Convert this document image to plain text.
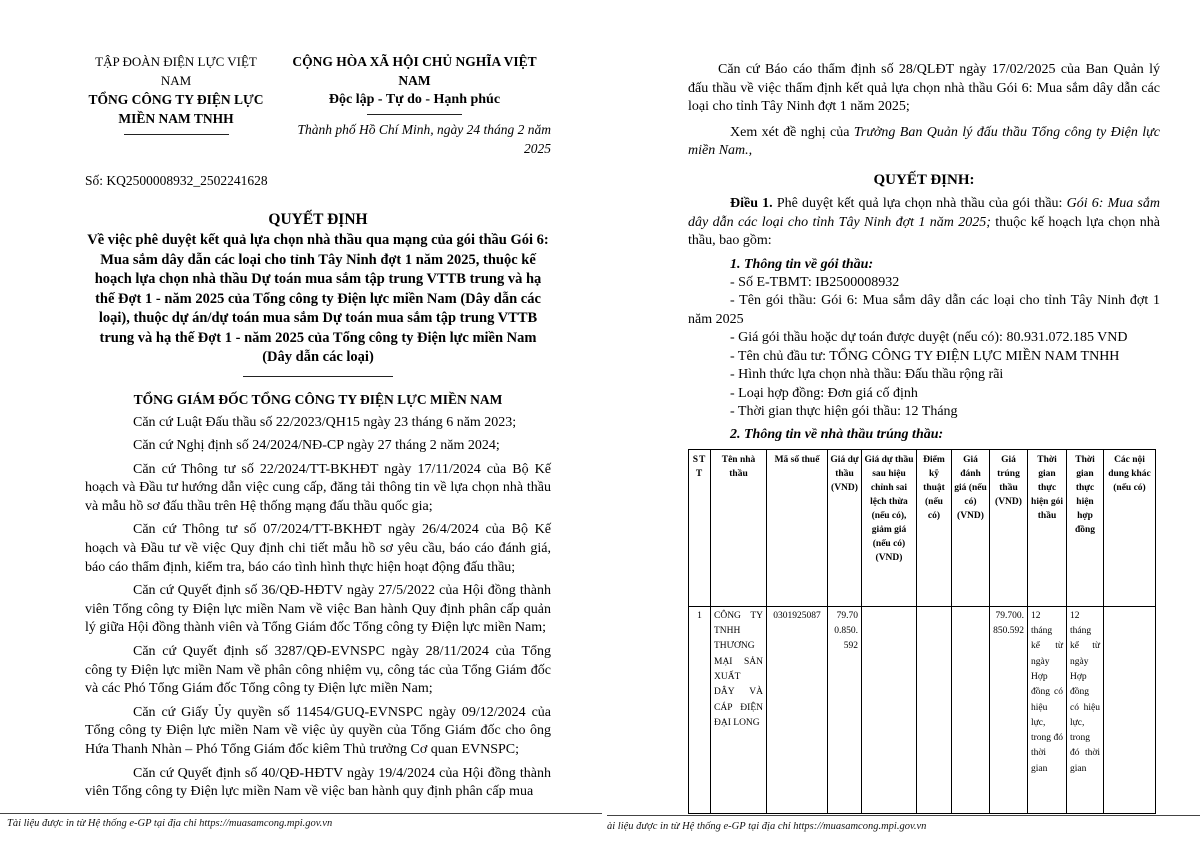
TẬP ĐOÀN ĐIỆN LỰC VIỆT NAM
TỔNG CÔNG TY ĐIỆN LỰC MIỀN NAM TNHH
CỘNG HÒA XÃ HỘI CHỦ NGHĨA VIỆT NAM
Độc lập - Tự do - Hạnh phúc
Thành phố Hồ Chí Minh, ngày 24 tháng 2 năm 2025
Số: KQ2500008932_2502241628
QUYẾT ĐỊNH
Về việc phê duyệt kết quả lựa chọn nhà thầu qua mạng của gói thầu Gói 6: Mua sắm dây dẫn các loại cho tỉnh Tây Ninh đợt 1 năm 2025, thuộc kế hoạch lựa chọn nhà thầu Dự toán mua sắm tập trung VTTB trung và hạ thế Đợt 1 - năm 2025 của Tổng công ty Điện lực miền Nam (Dây dẫn các loại), thuộc dự án/dự toán mua sắm Dự toán mua sắm tập trung VTTB trung và hạ thế Đợt 1 - năm 2025 của Tổng công ty Điện lực miền Nam (Dây dẫn các loại)
TỔNG GIÁM ĐỐC TỔNG CÔNG TY ĐIỆN LỰC MIỀN NAM

Căn cứ Luật Đấu thầu số 22/2023/QH15 ngày 23 tháng 6 năm 2023;

Căn cứ Nghị định số 24/2024/NĐ-CP ngày 27 tháng 2 năm 2024;

Căn cứ Thông tư số 22/2024/TT-BKHĐT ngày 17/11/2024 của Bộ Kế hoạch và Đầu tư hướng dẫn việc cung cấp, đăng tải thông tin về lựa chọn nhà thầu và mẫu hồ sơ đấu thầu trên Hệ thống mạng đấu thầu quốc gia;

Căn cứ Thông tư số 07/2024/TT-BKHĐT ngày 26/4/2024 của Bộ Kế hoạch và Đầu tư về việc Quy định chi tiết mẫu hồ sơ yêu cầu, báo cáo đánh giá, báo cáo thẩm định, kiểm tra, báo cáo tình hình thực hiện hoạt động đấu thầu;

Căn cứ Quyết định số 36/QĐ-HĐTV ngày 27/5/2022 của Hội đồng thành viên Tổng công ty Điện lực miền Nam về việc Ban hành Quy định phân cấp quản lý giữa Hội đồng thành viên và Tổng Giám đốc Tổng công ty Điện lực miền Nam;

Căn cứ Quyết định số 3287/QĐ-EVNSPC ngày 28/11/2024 của Tổng công ty Điện lực miền Nam về phân công nhiệm vụ, công tác của Tổng Giám đốc và các Phó Tổng Giám đốc Tổng công ty Điện lực miền Nam;

Căn cứ Giấy Ủy quyền số 11454/GUQ-EVNSPC ngày 09/12/2024 của Tổng công ty Điện lực miền Nam về việc ủy quyền của Tổng Giám đốc cho ông Hứa Thanh Nhàn – Phó Tổng Giám đốc kiêm Thủ trưởng Cơ quan EVNSPC;

Căn cứ Quyết định số 40/QĐ-HĐTV ngày 19/4/2024 của Hội đồng thành viên Tổng công ty Điện lực miền Nam về việc ban hành quy định phân cấp mua

Căn cứ Báo cáo thẩm định số 28/QLĐT ngày 17/02/2025 của Ban Quản lý đấu thầu về việc thẩm định kết quả lựa chọn nhà thầu Gói 6: Mua sắm dây dẫn các loại cho tỉnh Tây Ninh đợt 1 năm 2025;

Xem xét đề nghị của Trưởng Ban Quản lý đấu thầu Tổng công ty Điện lực miền Nam.,

QUYẾT ĐỊNH:

Điều 1. Phê duyệt kết quả lựa chọn nhà thầu của gói thầu: Gói 6: Mua sắm dây dẫn các loại cho tỉnh Tây Ninh đợt 1 năm 2025; thuộc kế hoạch lựa chọn nhà thầu, bao gồm:

1. Thông tin về gói thầu:

- Số E-TBMT: IB2500008932

- Tên gói thầu: Gói 6: Mua sắm dây dẫn các loại cho tỉnh Tây Ninh đợt 1 năm 2025

- Giá gói thầu hoặc dự toán được duyệt (nếu có): 80.931.072.185 VND

- Tên chủ đầu tư: TỔNG CÔNG TY ĐIỆN LỰC MIỀN NAM TNHH

- Hình thức lựa chọn nhà thầu: Đấu thầu rộng rãi

- Loại hợp đồng: Đơn giá cố định

- Thời gian thực hiện gói thầu: 12 Tháng

2. Thông tin về nhà thầu trúng thầu:

STT	Tên nhà thầu	Mã số thuế	Giá dự thầu (VND)	Giá dự thầu sau hiệu chỉnh sai lệch thừa (nếu có), giảm giá (nếu có) (VND)	Điểm kỹ thuật (nếu có)	Giá đánh giá (nếu có) (VND)	Giá trúng thầu (VND)	Thời gian thực hiện gói thầu	Thời gian thực hiện hợp đồng	Các nội dung khác (nếu có)
1	CÔNG TY TNHH THƯƠNG MẠI SẢN XUẤT DÂY VÀ CÁP ĐIỆN ĐẠI LONG	0301925087	79.700.850.592				79.700.850.592	12 tháng kể từ ngày Hợp đồng có hiệu lực, trong đó thời gian	12 tháng kể từ ngày Hợp đồng có hiệu lực, trong đó thời gian	
Tài liệu được in từ Hệ thống e-GP tại địa chỉ https://muasamcong.mpi.gov.vn	ài liệu được in từ Hệ thống e-GP tại địa chỉ https://muasamcong.mpi.gov.vn
